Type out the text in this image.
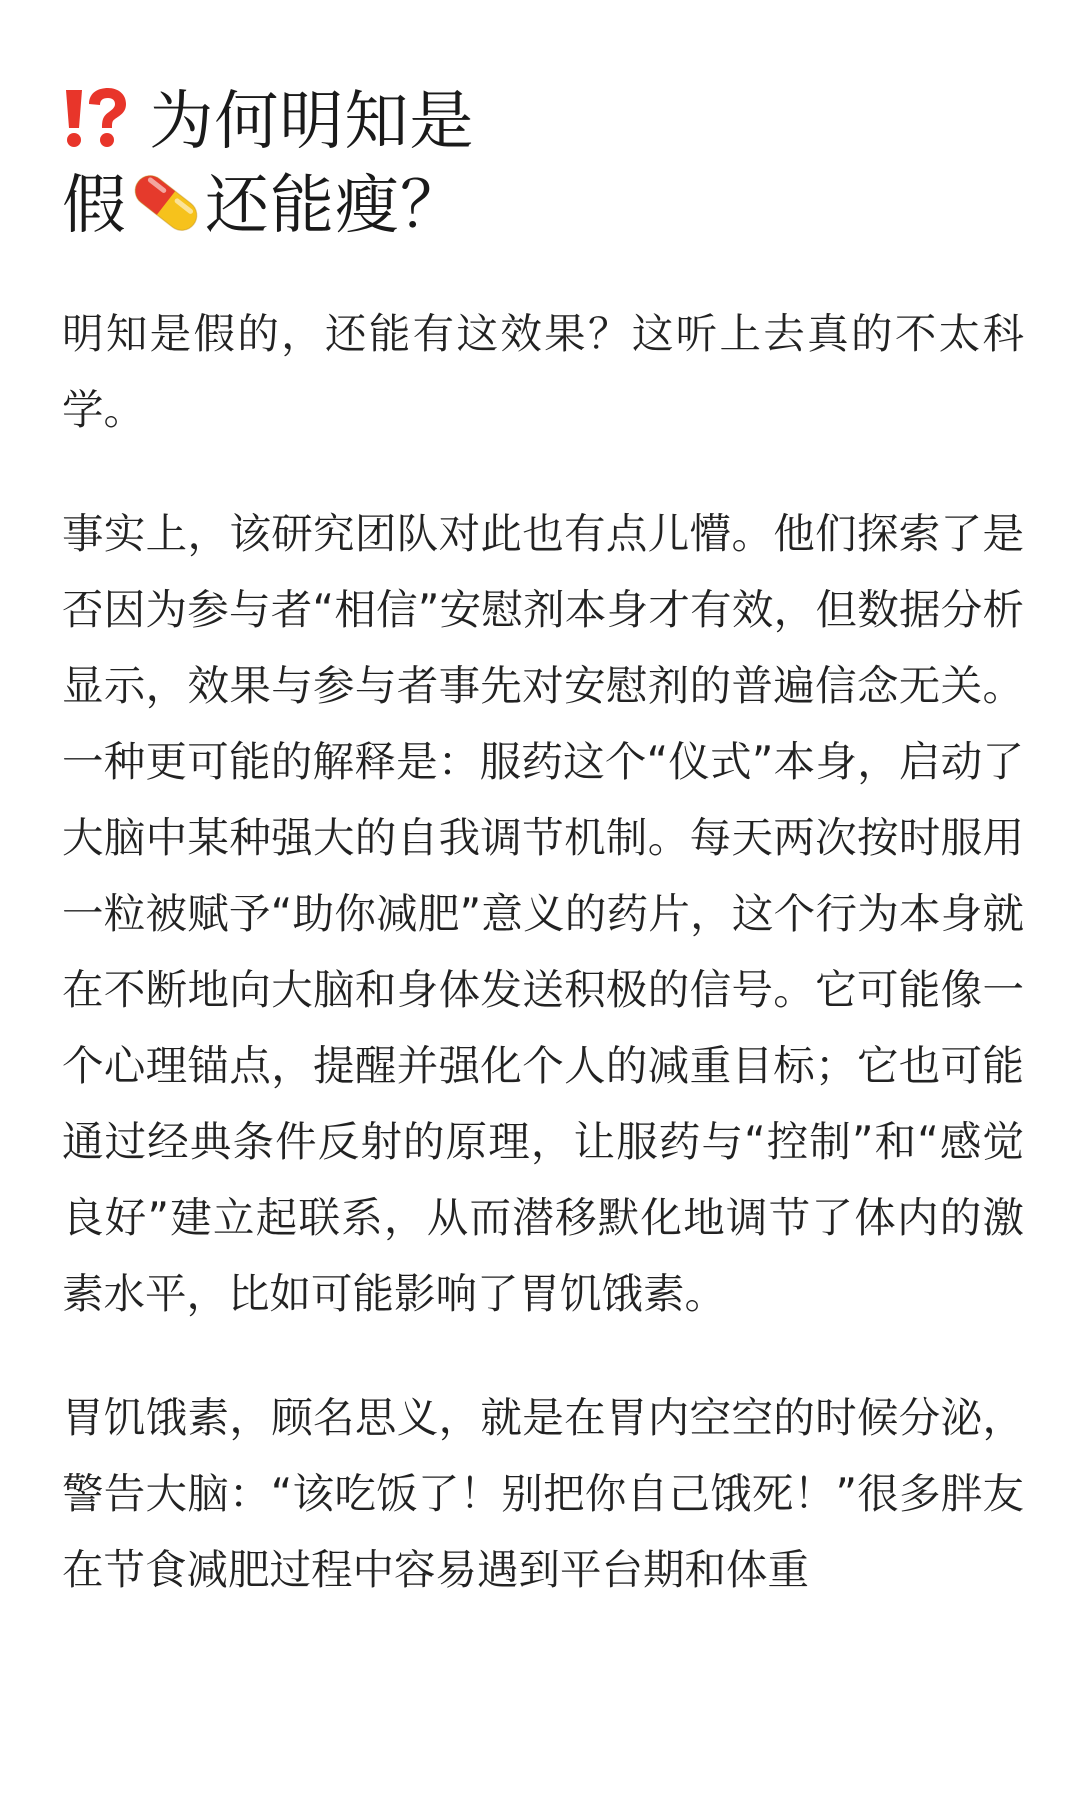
为何明知是
假 还能瘦？

明知是假的，还能有这效果？这听上去真的不太科学。

事实上，该研究团队对此也有点儿懵。他们探索了是否因为参与者“相信”安慰剂本身才有效，但数据分析显示，效果与参与者事先对安慰剂的普遍信念无关。一种更可能的解释是：服药这个“仪式”本身，启动了大脑中某种强大的自我调节机制。每天两次按时服用一粒被赋予“助你减肥”意义的药片，这个行为本身就在不断地向大脑和身体发送积极的信号。它可能像一个心理锚点，提醒并强化个人的减重目标；它也可能通过经典条件反射的原理，让服药与“控制”和“感觉良好”建立起联系，从而潜移默化地调节了体内的激素水平，比如可能影响了胃饥饿素。

胃饥饿素，顾名思义，就是在胃内空空的时候分泌，警告大脑：“该吃饭了！别把你自己饿死！”很多胖友在节食减肥过程中容易遇到平台期和体重
